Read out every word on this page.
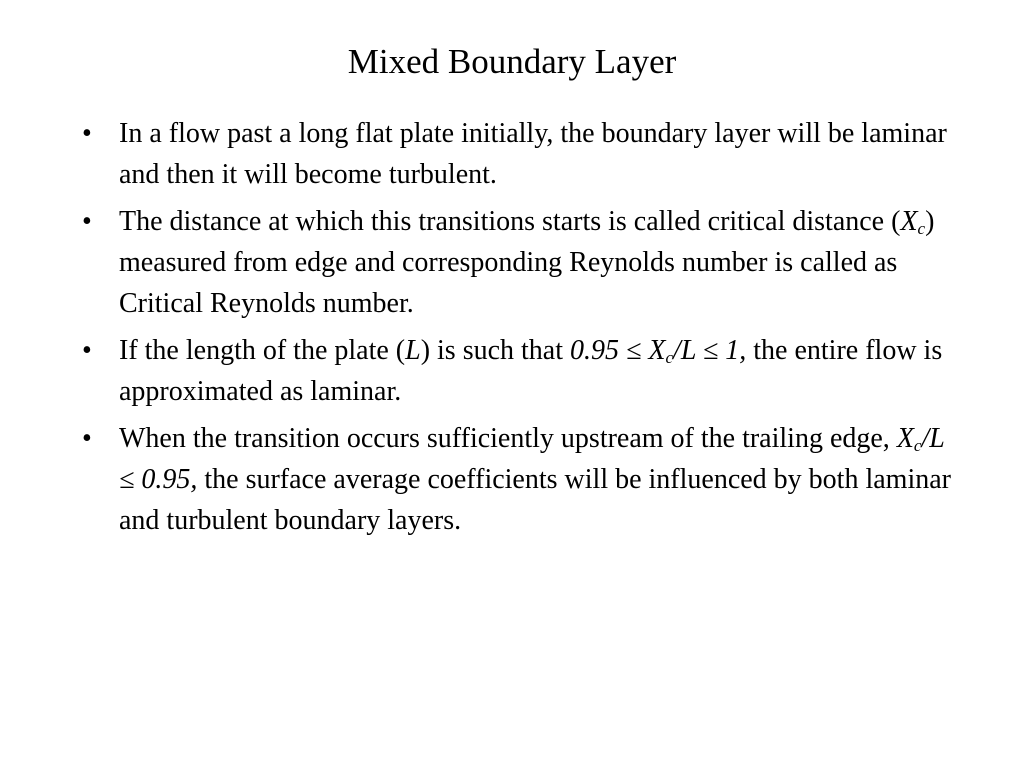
Mixed Boundary Layer
• In a flow past a long flat plate initially, the boundary layer will be laminar and then it will become turbulent.
• The distance at which this transitions starts is called critical distance $(X_c)$ measured from edge and corresponding Reynolds number is called as Critical Reynolds number.
• If the length of the plate (L) is such that $0.95 \le X_c/L \le 1$, the entire flow is approximated as laminar.
• When the transition occurs sufficiently upstream of the trailing edge, $X_c/L \le 0.95$, the surface average coefficients will be influenced by both laminar and turbulent boundary layers.
